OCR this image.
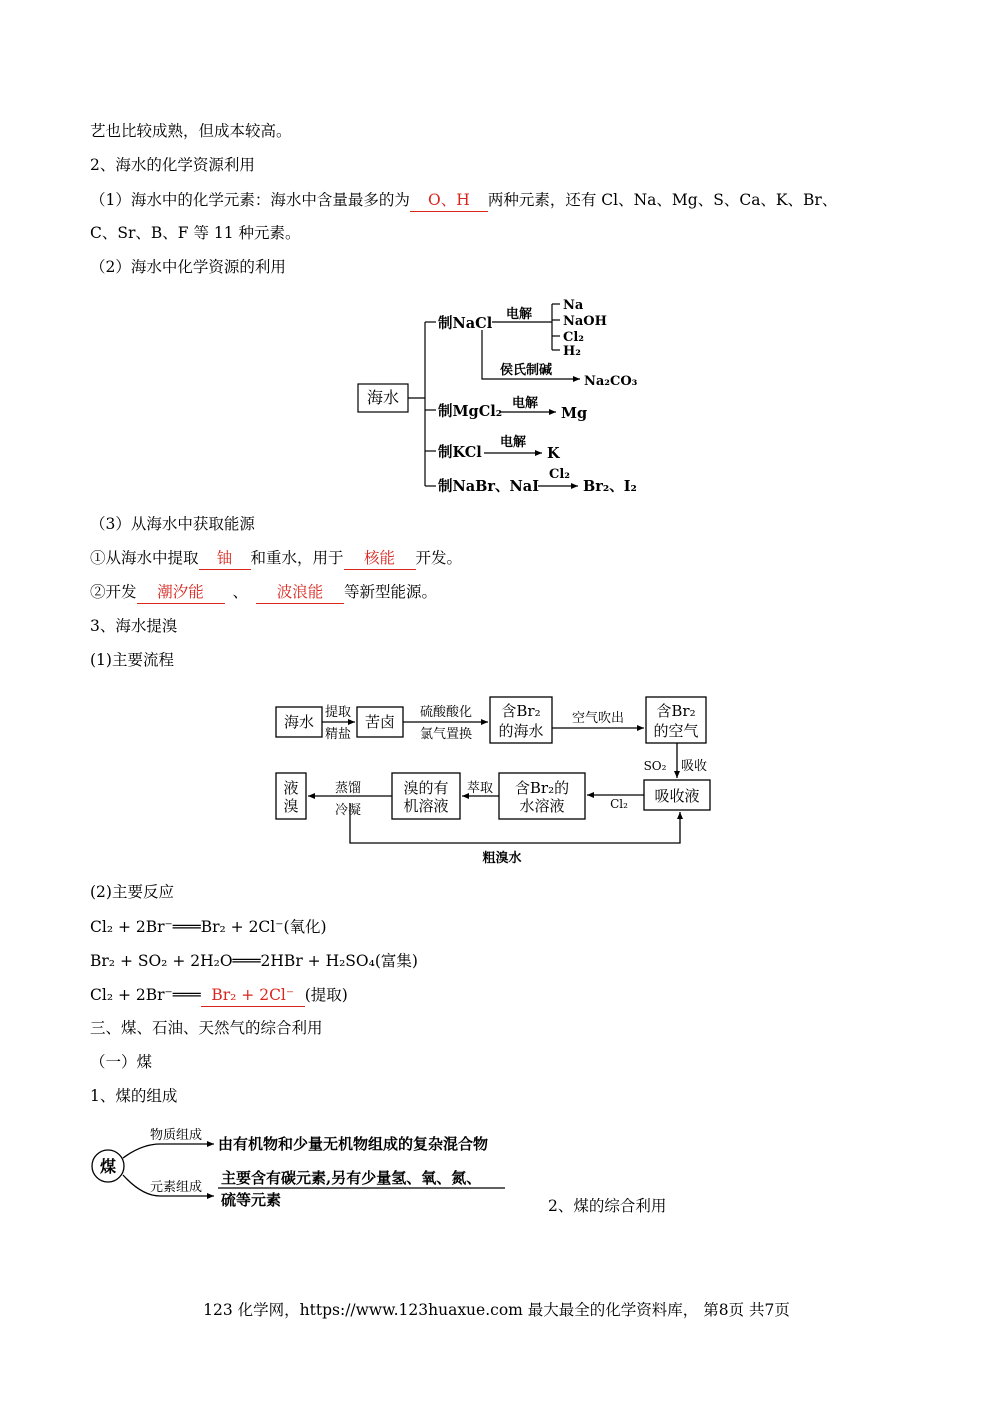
艺也比较成熟，但成本较高。
2、海水的化学资源利用
（1）海水中的化学元素：海水中含量最多的为 O、H 两种元素，还有 Cl、Na、Mg、S、Ca、K、Br、
C、Sr、B、F 等 11 种元素。
（2）海水中化学资源的利用
海水
制NaCl
电解
Na
NaOH
Cl₂
H₂
侯氏制碱
Na₂CO₃
制MgCl₂ 电解
Mg
制KCl
电解
K
制NaBr、NaI
Cl₂
Br₂、I₂
（3）从海水中获取能源
①从海水中提取 铀 和重水，用于 核能 开发。
②开发 潮汐能 、 波浪能 等新型能源。
3、海水提溴
(1)主要流程
海水
提取
精盐
苦卤
硫酸酸化
氯气置换
含Br₂
的海水
空气吹出 含Br₂
的空气
SO₂ 吸收
吸收液
Cl₂
含Br₂的
水溶液
萃取
溴的有
机溶液
蒸馏
冷凝
液
溴
粗溴水
(2)主要反应
Cl₂ + 2Br⁻═══Br₂ + 2Cl⁻(氧化)
Br₂ + SO₂ + 2H₂O═══2HBr + H₂SO₄(富集)
Cl₂ + 2Br⁻═══ Br₂ + 2Cl⁻ (提取)
三、煤、石油、天然气的综合利用
（一）煤
1、煤的组成
煤
物质组成 由有机物和少量无机物组成的复杂混合物
元素组成
主要含有碳元素,另有少量氢、氧、氮、
硫等元素	2、煤的综合利用
123 化学网，https://www.123huaxue.com 最大最全的化学资料库， 第8页 共7页
